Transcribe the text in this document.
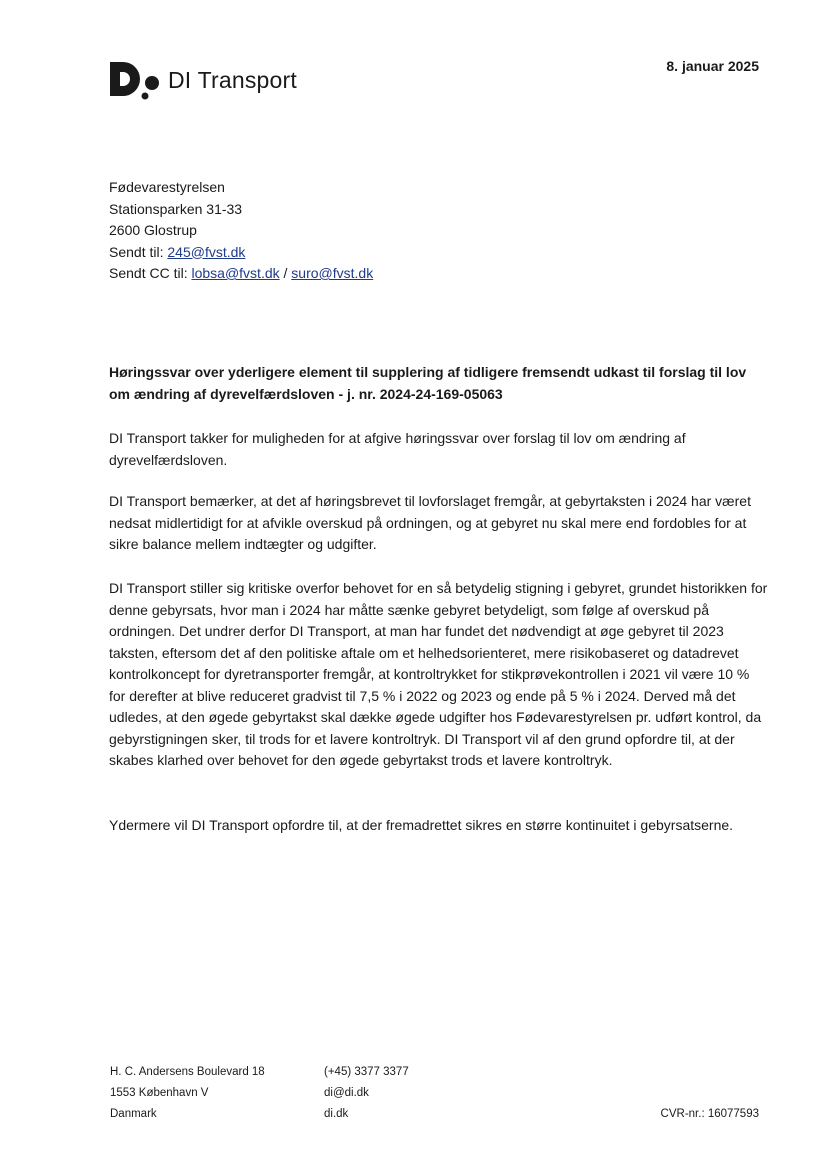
DI Transport
8. januar 2025
Fødevarestyrelsen
Stationsparken 31-33
2600 Glostrup
Sendt til: 245@fvst.dk
Sendt CC til: lobsa@fvst.dk / suro@fvst.dk
Høringssvar over yderligere element til supplering af tidligere fremsendt udkast til forslag til lov om ændring af dyrevelfærdsloven - j. nr. 2024-24-169-05063

DI Transport takker for muligheden for at afgive høringssvar over forslag til lov om ændring af dyrevelfærdsloven.

DI Transport bemærker, at det af høringsbrevet til lovforslaget fremgår, at gebyrtaksten i 2024 har været nedsat midlertidigt for at afvikle overskud på ordningen, og at gebyret nu skal mere end fordobles for at sikre balance mellem indtægter og udgifter.

DI Transport stiller sig kritiske overfor behovet for en så betydelig stigning i gebyret, grundet historikken for denne gebyrsats, hvor man i 2024 har måtte sænke gebyret betydeligt, som følge af overskud på ordningen. Det undrer derfor DI Transport, at man har fundet det nødvendigt at øge gebyret til 2023 taksten, eftersom det af den politiske aftale om et helhedsorienteret, mere risikobaseret og datadrevet kontrolkoncept for dyretransporter fremgår, at kontroltrykket for stikprøvekontrollen i 2021 vil være 10 % for derefter at blive reduceret gradvist til 7,5 % i 2022 og 2023 og ende på 5 % i 2024. Derved må det udledes, at den øgede gebyrtakst skal dække øgede udgifter hos Fødevarestyrelsen pr. udført kontrol, da gebyrstigningen sker, til trods for et lavere kontroltryk. DI Transport vil af den grund opfordre til, at der skabes klarhed over behovet for den øgede gebyrtakst trods et lavere kontroltryk.

Ydermere vil DI Transport opfordre til, at der fremadrettet sikres en større kontinuitet i gebyrsatserne.

H. C. Andersens Boulevard 18
1553 København V
Danmark
(+45) 3377 3377
di@di.dk
di.dk	CVR-nr.: 16077593
